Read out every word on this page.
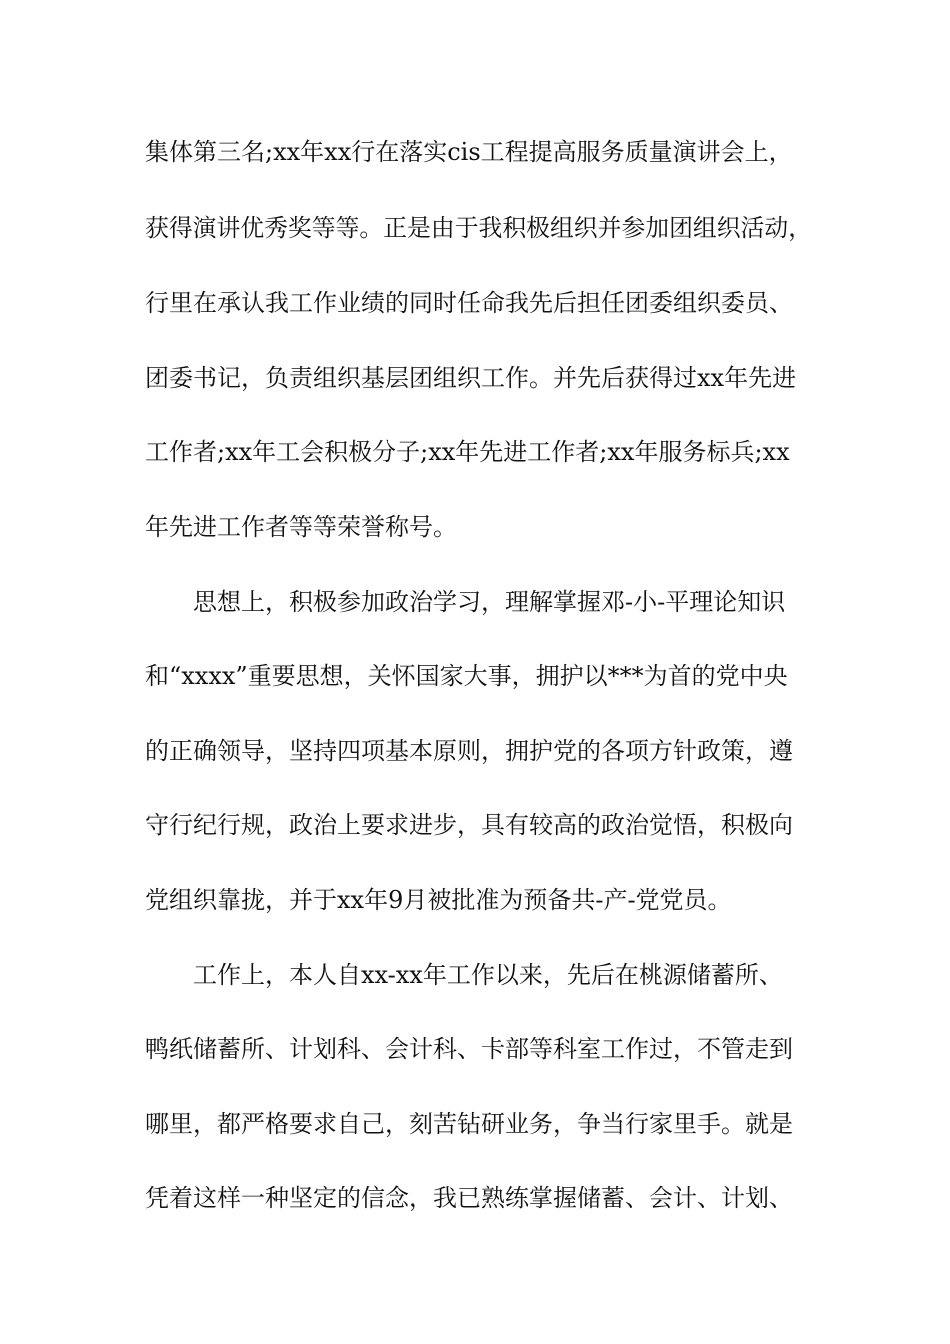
集体第三名;xx年xx行在落实cis工程提高服务质量演讲会上，
获得演讲优秀奖等等。正是由于我积极组织并参加团组织活动，
行里在承认我工作业绩的同时任命我先后担任团委组织委员、
团委书记，负责组织基层团组织工作。并先后获得过xx年先进
工作者;xx年工会积极分子;xx年先进工作者;xx年服务标兵;xx
年先进工作者等等荣誉称号。
思想上，积极参加政治学习，理解掌握邓-小-平理论知识
和“xxxx”重要思想，关怀国家大事，拥护以***为首的党中央
的正确领导，坚持四项基本原则，拥护党的各项方针政策，遵
守行纪行规，政治上要求进步，具有较高的政治觉悟，积极向
党组织靠拢，并于xx年9月被批准为预备共-产-党党员。
工作上，本人自xx-xx年工作以来，先后在桃源储蓄所、
鸭纸储蓄所、计划科、会计科、卡部等科室工作过，不管走到
哪里，都严格要求自己，刻苦钻研业务，争当行家里手。就是
凭着这样一种坚定的信念，我已熟练掌握储蓄、会计、计划、
